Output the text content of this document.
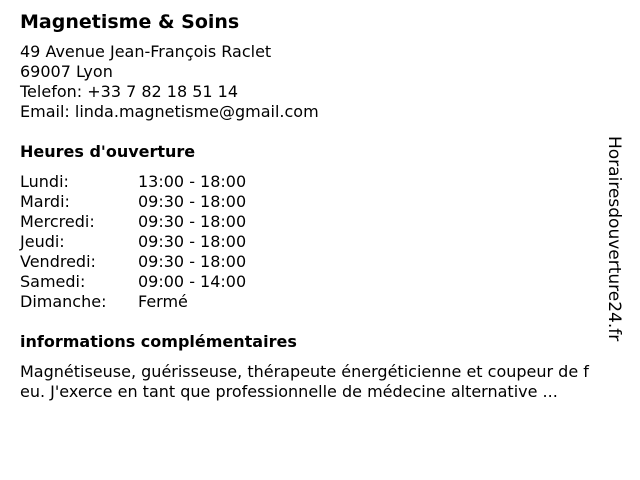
Magnetisme & Soins
49 Avenue Jean-François Raclet
69007 Lyon
Telefon: +33 7 82 18 51 14
Email: linda.magnetisme@gmail.com
Heures d'ouverture
Lundi:	13:00 - 18:00
Mardi:	09:30 - 18:00
Mercredi:	09:30 - 18:00
Jeudi:	09:30 - 18:00
Vendredi:	09:30 - 18:00
Samedi:	09:00 - 14:00
Dimanche:	Fermé
informations complémentaires
Magnétiseuse, guérisseuse, thérapeute énergéticienne et coupeur de f
eu. J'exerce en tant que professionnelle de médecine alternative ...
Horairesdouverture24.fr
